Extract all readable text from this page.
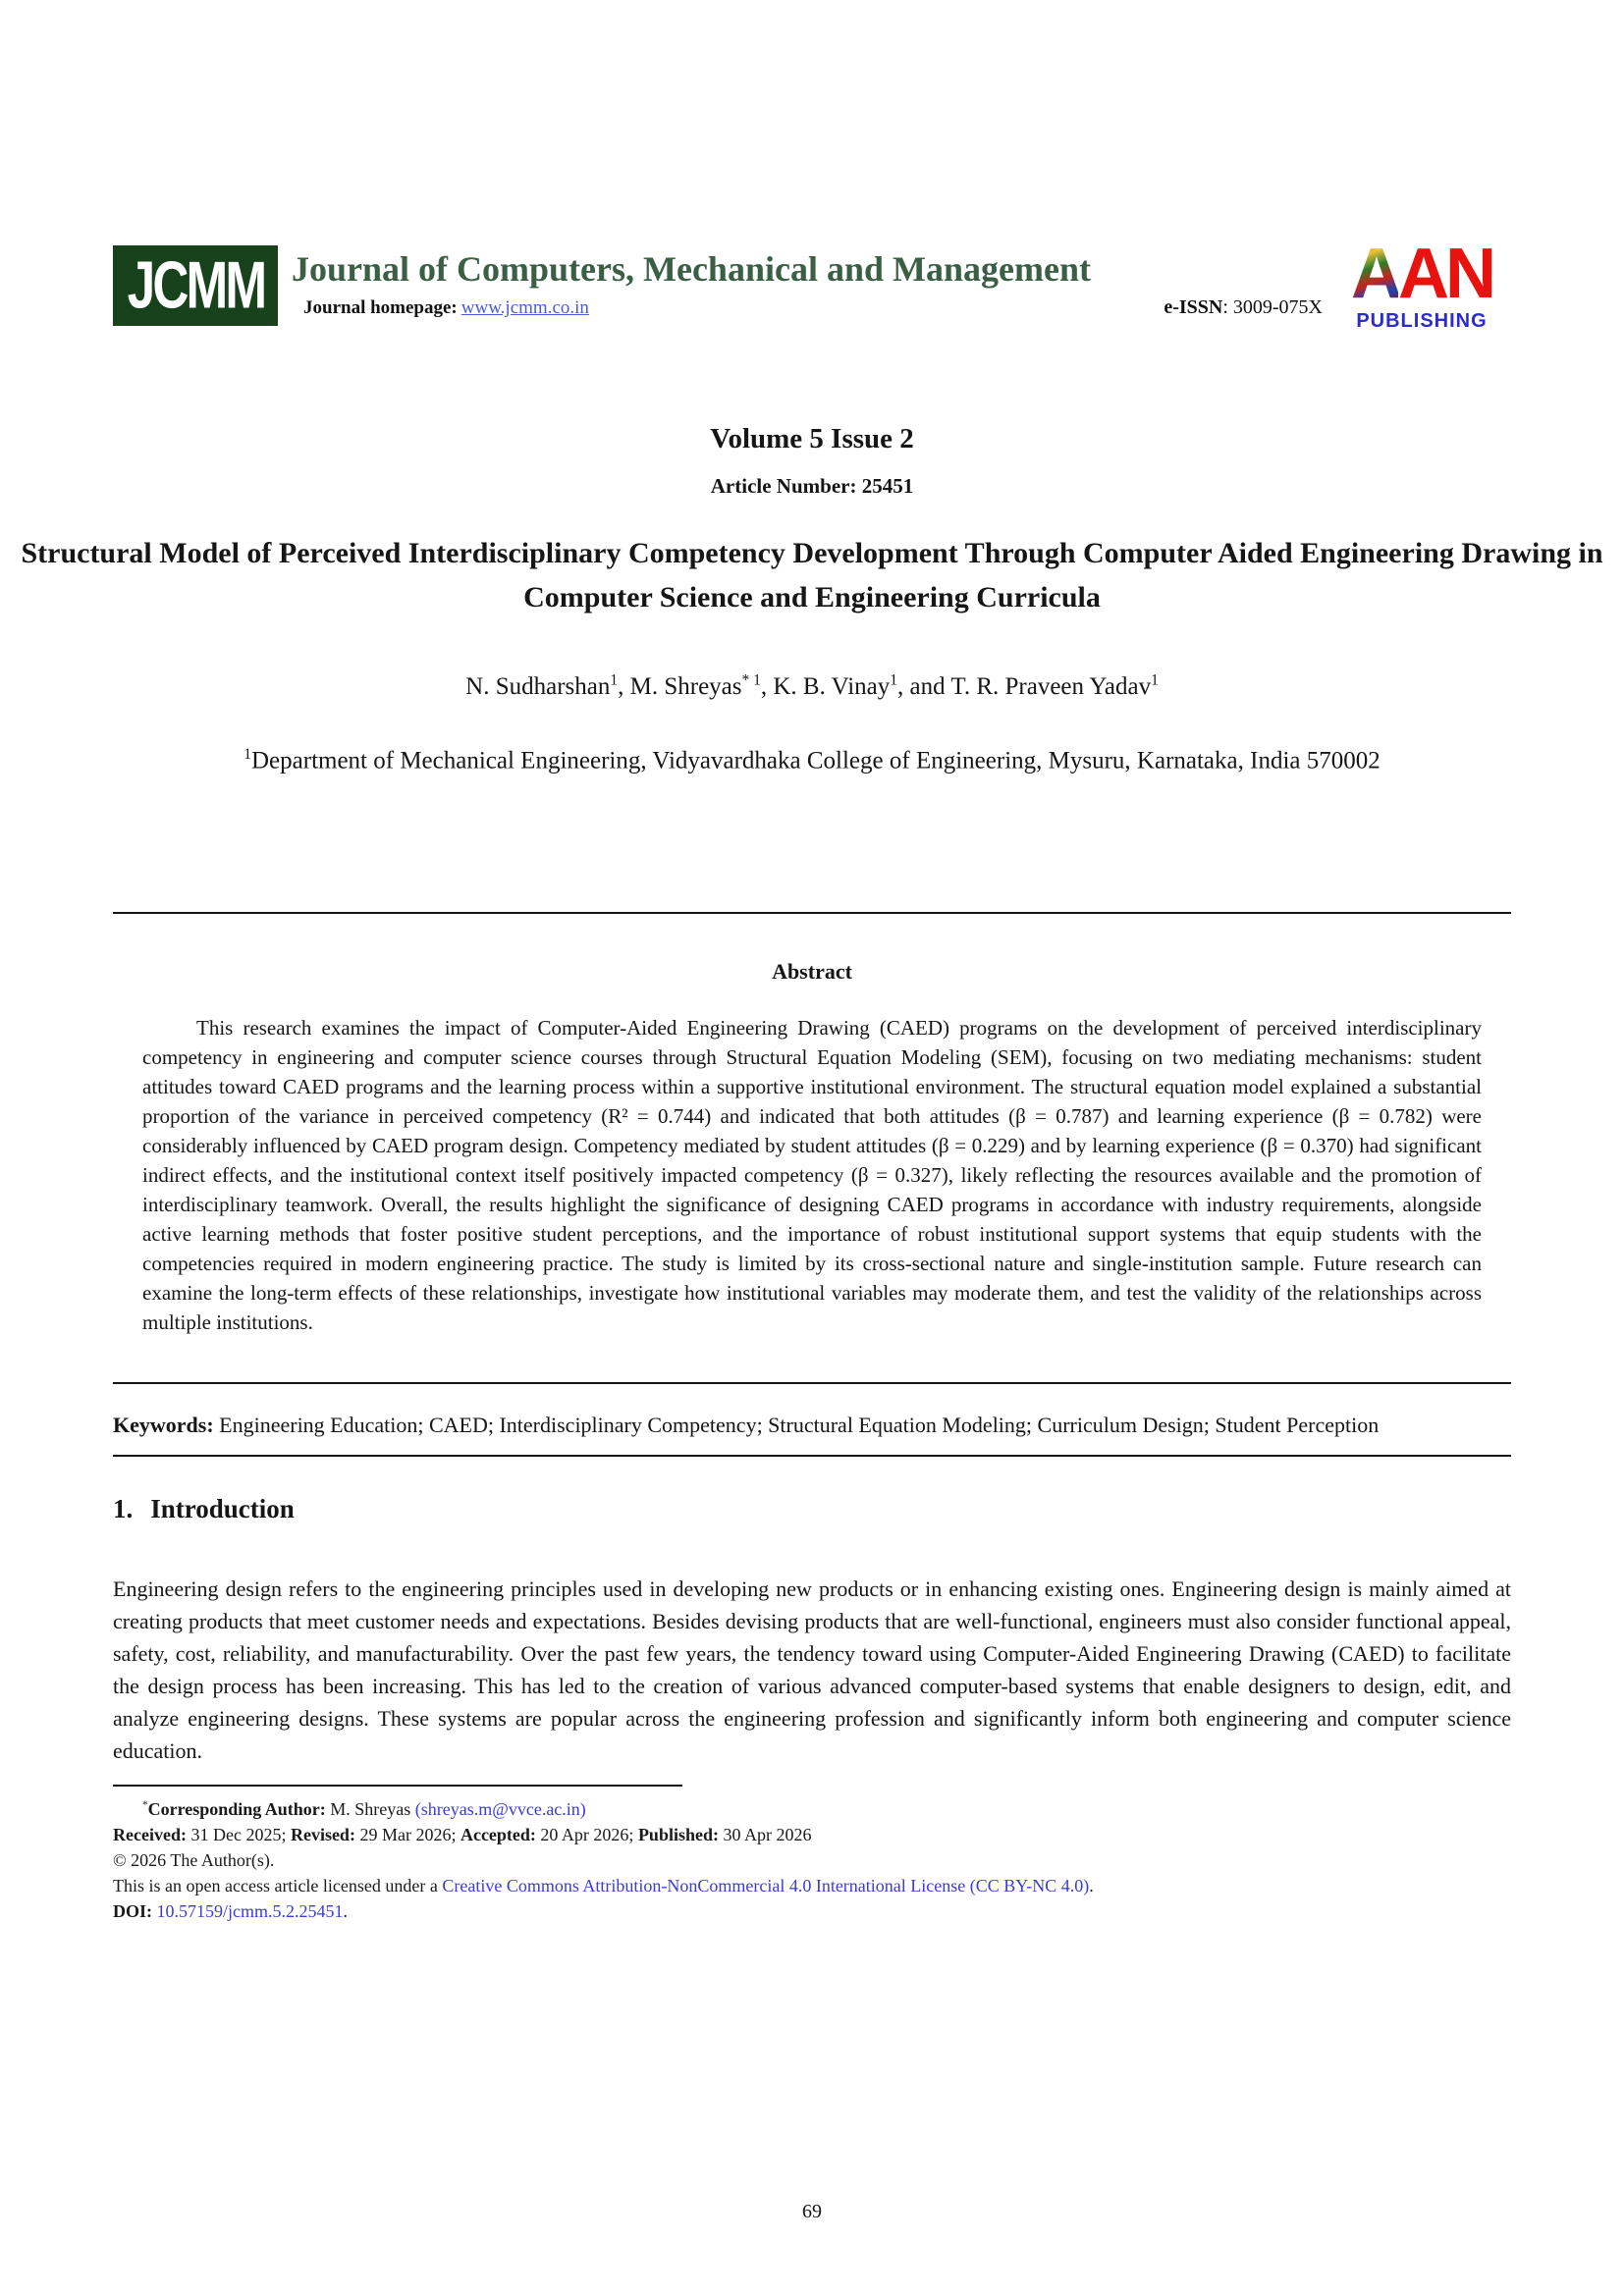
JCMM Journal of Computers, Mechanical and Management
Journal homepage: www.jcmm.co.in	e-ISSN: 3009-075X AAN
PUBLISHING
Volume 5 Issue 2
Article Number: 25451
Structural Model of Perceived Interdisciplinary Competency Development Through Computer Aided Engineering Drawing in Computer Science and Engineering Curricula
N. Sudharshan$^1$, M. Shreyas$^{* 1}$, K. B. Vinay$^1$, and T. R. Praveen Yadav$^1$
$^1$Department of Mechanical Engineering, Vidyavardhaka College of Engineering, Mysuru, Karnataka, India 570002
Abstract

This research examines the impact of Computer-Aided Engineering Drawing (CAED) programs on the development of perceived interdisciplinary competency in engineering and computer science courses through Structural Equation Modeling (SEM), focusing on two mediating mechanisms: student attitudes toward CAED programs and the learning process within a supportive institutional environment. The structural equation model explained a substantial proportion of the variance in perceived competency (R² = 0.744) and indicated that both attitudes (β = 0.787) and learning experience (β = 0.782) were considerably influenced by CAED program design. Competency mediated by student attitudes (β = 0.229) and by learning experience (β = 0.370) had significant indirect effects, and the institutional context itself positively impacted competency (β = 0.327), likely reflecting the resources available and the promotion of interdisciplinary teamwork. Overall, the results highlight the significance of designing CAED programs in accordance with industry requirements, alongside active learning methods that foster positive student perceptions, and the importance of robust institutional support systems that equip students with the competencies required in modern engineering practice. The study is limited by its cross-sectional nature and single-institution sample. Future research can examine the long-term effects of these relationships, investigate how institutional variables may moderate them, and test the validity of the relationships across multiple institutions.

Keywords: Engineering Education; CAED; Interdisciplinary Competency; Structural Equation Modeling; Curriculum Design; Student Perception

1. Introduction

Engineering design refers to the engineering principles used in developing new products or in enhancing existing ones. Engineering design is mainly aimed at creating products that meet customer needs and expectations. Besides devising products that are well-functional, engineers must also consider functional appeal, safety, cost, reliability, and manufacturability. Over the past few years, the tendency toward using Computer-Aided Engineering Drawing (CAED) to facilitate the design process has been increasing. This has led to the creation of various advanced computer-based systems that enable designers to design, edit, and analyze engineering designs. These systems are popular across the engineering profession and significantly inform both engineering and computer science education.

*Corresponding Author: M. Shreyas (shreyas.m@vvce.ac.in)
Received: 31 Dec 2025; Revised: 29 Mar 2026; Accepted: 20 Apr 2026; Published: 30 Apr 2026
© 2026 The Author(s).
This is an open access article licensed under a Creative Commons Attribution-NonCommercial 4.0 International License (CC BY-NC 4.0).
DOI: 10.57159/jcmm.5.2.25451.
69
